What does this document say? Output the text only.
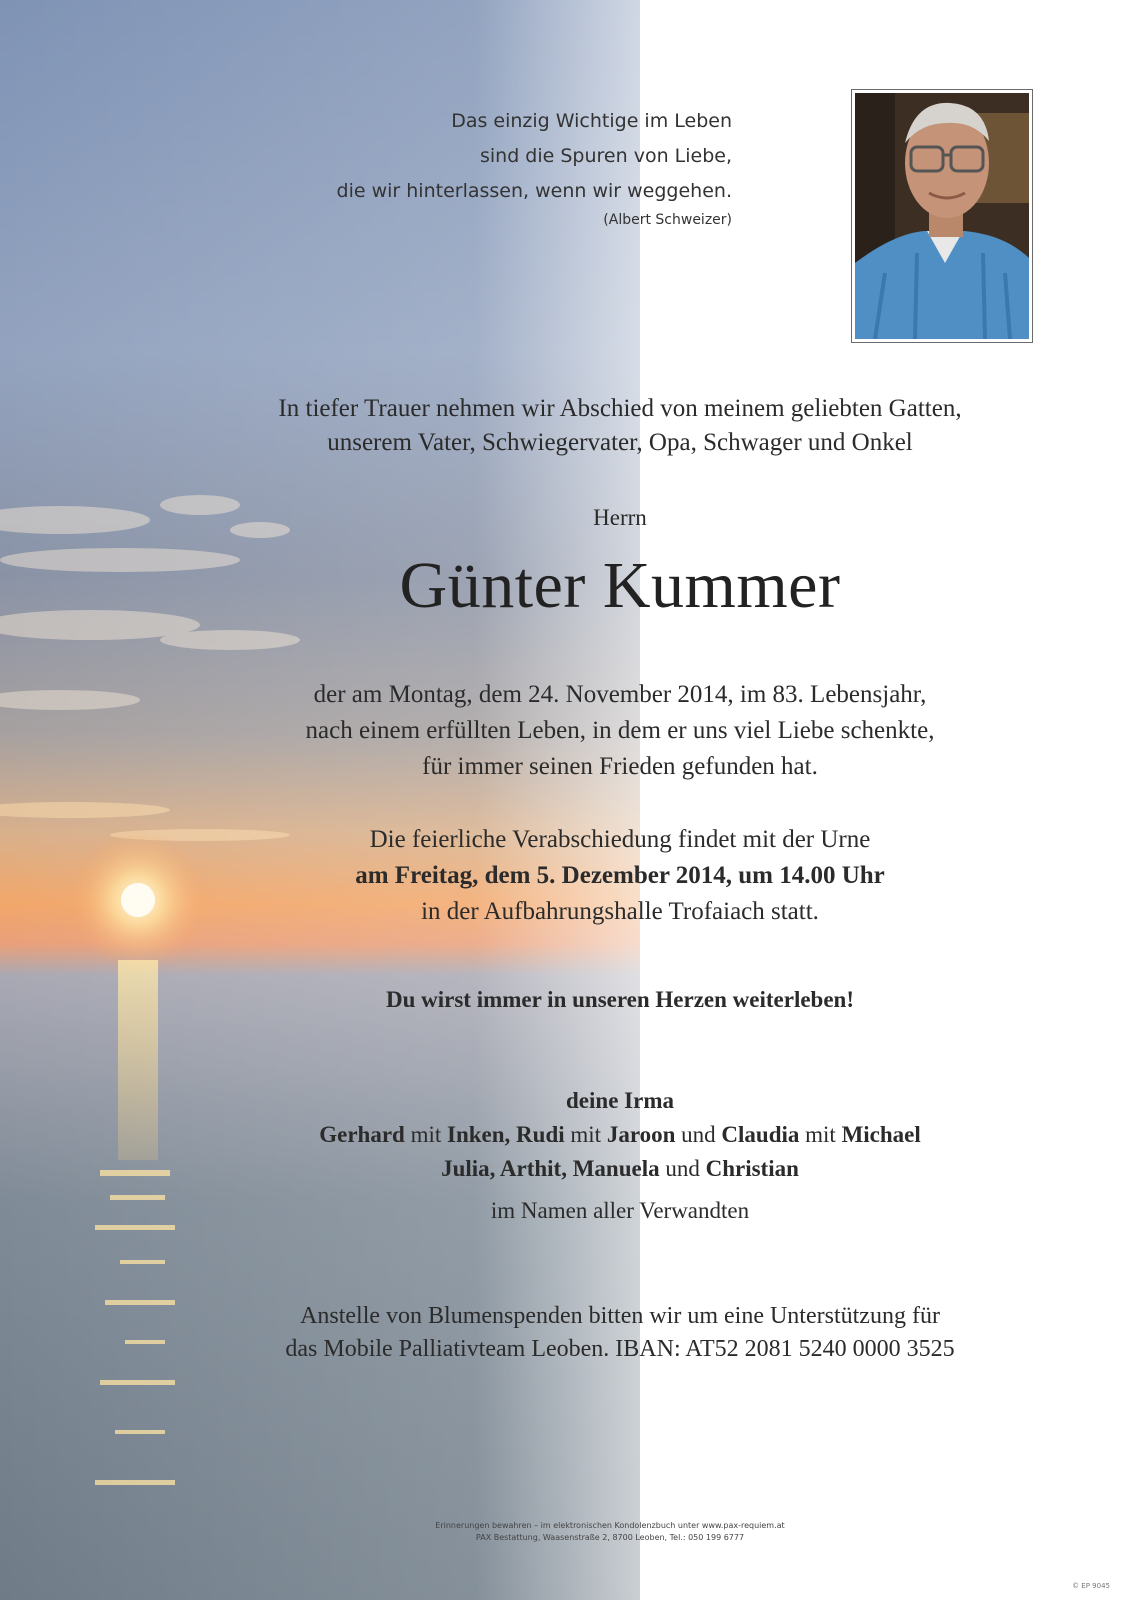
Das einzig Wichtige im Leben
sind die Spuren von Liebe,
die wir hinterlassen, wenn wir weggehen.
(Albert Schweizer)
In tiefer Trauer nehmen wir Abschied von meinem geliebten Gatten,
unserem Vater, Schwiegervater, Opa, Schwager und Onkel
Herrn
Günter Kummer
der am Montag, dem 24. November 2014, im 83. Lebensjahr,
nach einem erfüllten Leben, in dem er uns viel Liebe schenkte,
für immer seinen Frieden gefunden hat.
Die feierliche Verabschiedung findet mit der Urne
am Freitag, dem 5. Dezember 2014, um 14.00 Uhr
in der Aufbahrungshalle Trofaiach statt.
Du wirst immer in unseren Herzen weiterleben!
deine Irma
Gerhard mit Inken, Rudi mit Jaroon und Claudia mit Michael
Julia, Arthit, Manuela und Christian
im Namen aller Verwandten
Anstelle von Blumenspenden bitten wir um eine Unterstützung für
das Mobile Palliativteam Leoben. IBAN: AT52 2081 5240 0000 3525
Erinnerungen bewahren – im elektronischen Kondolenzbuch unter www.pax-requiem.at
PAX Bestattung, Waasenstraße 2, 8700 Leoben, Tel.: 050 199 6777
© EP 9045
